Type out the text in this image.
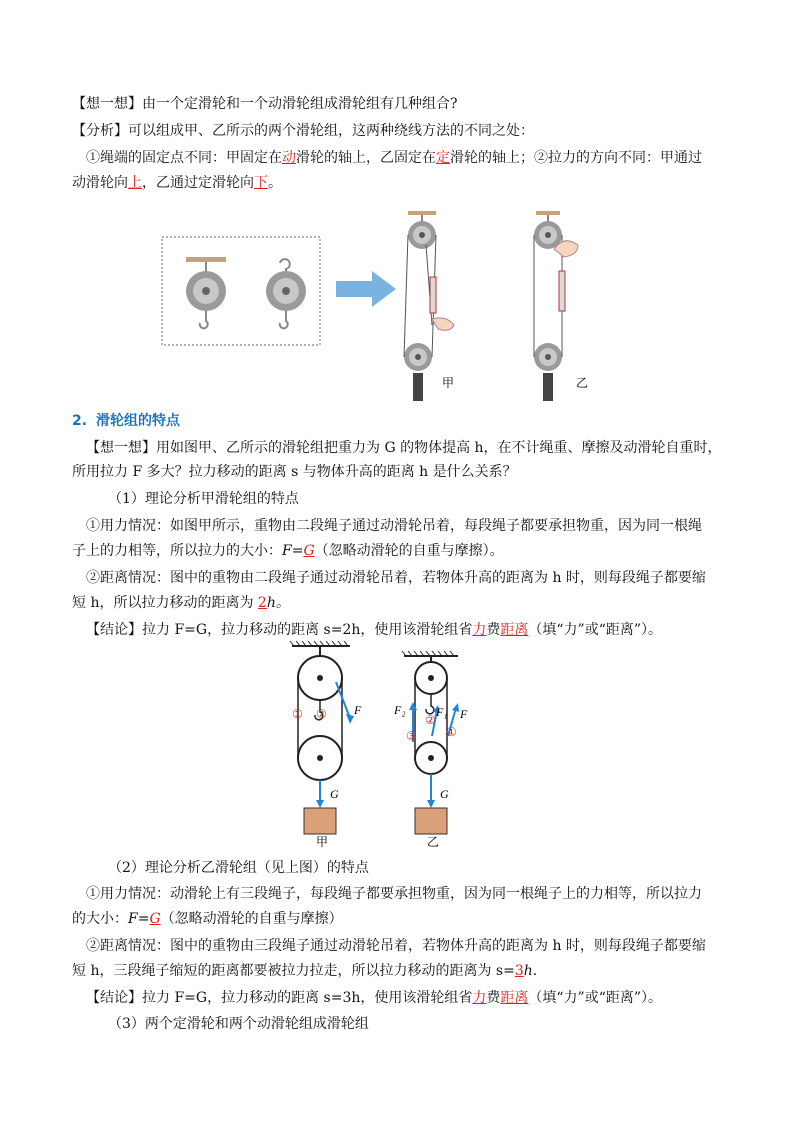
【想一想】由一个定滑轮和一个动滑轮组成滑轮组有几种组合?
【分析】可以组成甲、乙所示的两个滑轮组，这两种绕线方法的不同之处：
①绳端的固定点不同：甲固定在动滑轮的轴上，乙固定在定滑轮的轴上；②拉力的方向不同：甲通过
动滑轮向上，乙通过定滑轮向下。
甲	乙
2. 滑轮组的特点
【想一想】用如图甲、乙所示的滑轮组把重力为 G 的物体提高 h，在不计绳重、摩擦及动滑轮自重时，
所用拉力 F 多大？拉力移动的距离 s 与物体升高的距离 h 是什么关系？
（1）理论分析甲滑轮组的特点
①用力情况：如图甲所示，重物由二段绳子通过动滑轮吊着，每段绳子都要承担物重，因为同一根绳
子上的力相等，所以拉力的大小：F=G（忽略动滑轮的自重与摩擦）。
②距离情况：图中的重物由二段绳子通过动滑轮吊着，若物体升高的距离为 h 时，则每段绳子都要缩
短 h，所以拉力移动的距离为 2h。
【结论】拉力 F=G，拉力移动的距离 s=2h，使用该滑轮组省力费距离（填“力”或“距离”）。
F
G
① ②
甲
F₂	F₁ F
G
①
②
③
乙
（2）理论分析乙滑轮组（见上图）的特点
①用力情况：动滑轮上有三段绳子，每段绳子都要承担物重，因为同一根绳子上的力相等，所以拉力
的大小：F=G（忽略动滑轮的自重与摩擦）
②距离情况：图中的重物由三段绳子通过动滑轮吊着，若物体升高的距离为 h 时，则每段绳子都要缩
短 h，三段绳子缩短的距离都要被拉力拉走，所以拉力移动的距离为 s=3h.
【结论】拉力 F=G，拉力移动的距离 s=3h，使用该滑轮组省力费距离（填“力”或“距离”）。
（3）两个定滑轮和两个动滑轮组成滑轮组
